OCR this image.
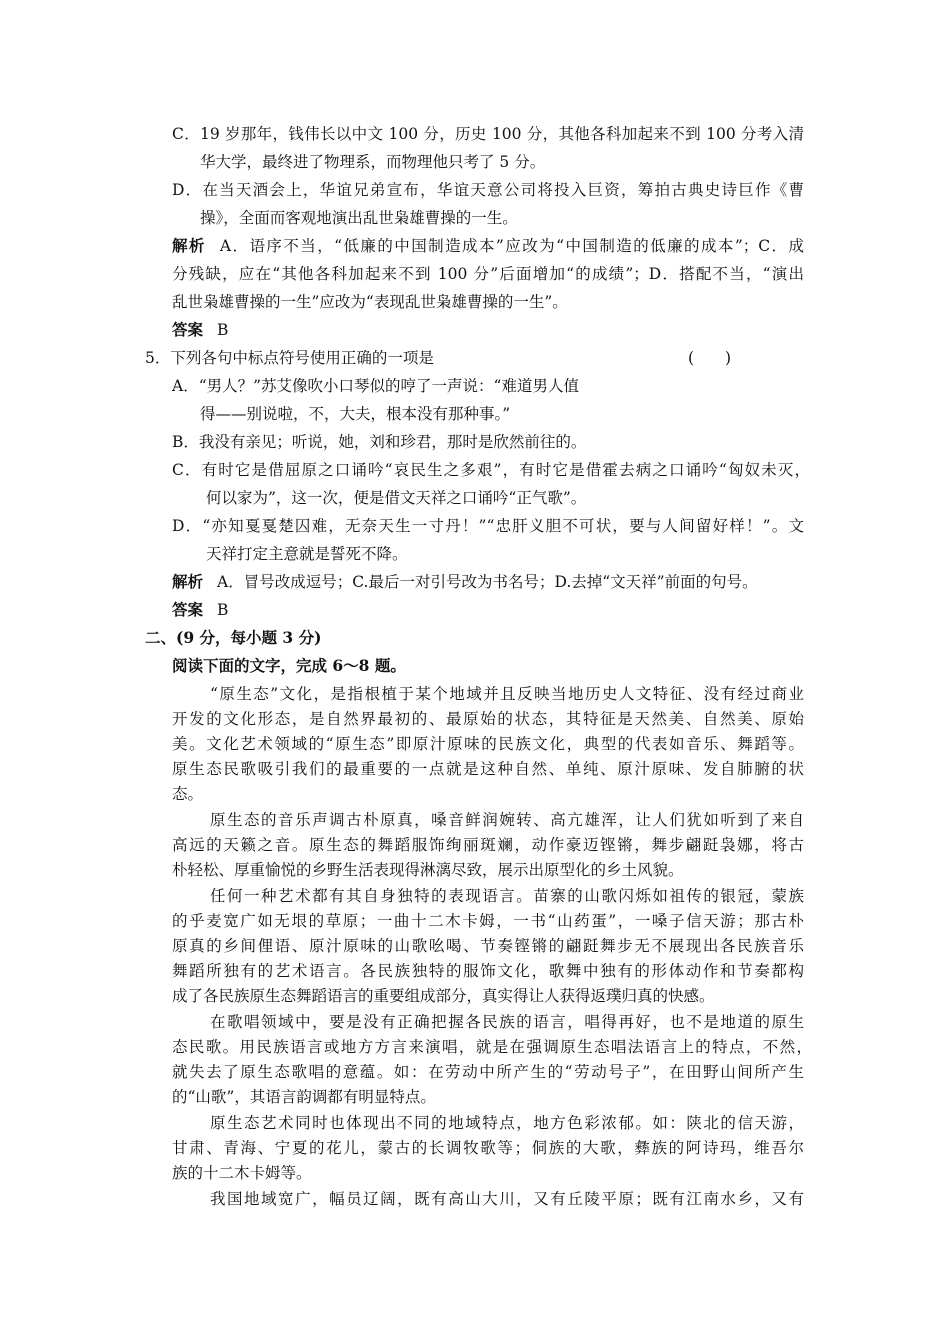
C．19 岁那年，钱伟长以中文 100 分，历史 100 分，其他各科加起来不到 100 分考入清
华大学，最终进了物理系，而物理他只考了 5 分。
D．在当天酒会上，华谊兄弟宣布，华谊天意公司将投入巨资，筹拍古典史诗巨作《曹
操》，全面而客观地演出乱世枭雄曹操的一生。
解析 A．语序不当，“低廉的中国制造成本”应改为“中国制造的低廉的成本”；C．成
分残缺，应在“其他各科加起来不到 100 分”后面增加“的成绩”；D．搭配不当，“演出
乱世枭雄曹操的一生”应改为“表现乱世枭雄曹操的一生”。
答案 B
5．下列各句中标点符号使用正确的一项是	(　　)
A．“男人？”苏艾像吹小口琴似的哼了一声说：“难道男人值
得——别说啦，不，大夫，根本没有那种事。”
B．我没有亲见；听说，她，刘和珍君，那时是欣然前往的。
C．有时它是借屈原之口诵吟“哀民生之多艰”，有时它是借霍去病之口诵吟“匈奴未灭，
何以家为”，这一次，便是借文天祥之口诵吟“正气歌”。
D．“亦知戛戛楚囚难，无奈天生一寸丹！”“忠肝义胆不可状，要与人间留好样！”。文
天祥打定主意就是誓死不降。
解析 A．冒号改成逗号；C.最后一对引号改为书名号；D.去掉“文天祥”前面的句号。
答案 B
二、(9 分，每小题 3 分)
阅读下面的文字，完成 6～8 题。
“原生态”文化，是指根植于某个地域并且反映当地历史人文特征、没有经过商业
开发的文化形态，是自然界最初的、最原始的状态，其特征是天然美、自然美、原始
美。文化艺术领域的“原生态”即原汁原味的民族文化，典型的代表如音乐、舞蹈等。
原生态民歌吸引我们的最重要的一点就是这种自然、单纯、原汁原味、发自肺腑的状
态。
原生态的音乐声调古朴原真，嗓音鲜润婉转、高亢雄浑，让人们犹如听到了来自
高远的天籁之音。原生态的舞蹈服饰绚丽斑斓，动作豪迈铿锵，舞步翩跹袅娜，将古
朴轻松、厚重愉悦的乡野生活表现得淋漓尽致，展示出原型化的乡土风貌。
任何一种艺术都有其自身独特的表现语言。苗寨的山歌闪烁如祖传的银冠，蒙族
的乎麦宽广如无垠的草原；一曲十二木卡姆，一书“山药蛋”，一嗓子信天游；那古朴
原真的乡间俚语、原汁原味的山歌吆喝、节奏铿锵的翩跹舞步无不展现出各民族音乐
舞蹈所独有的艺术语言。各民族独特的服饰文化，歌舞中独有的形体动作和节奏都构
成了各民族原生态舞蹈语言的重要组成部分，真实得让人获得返璞归真的快感。
在歌唱领域中，要是没有正确把握各民族的语言，唱得再好，也不是地道的原生
态民歌。用民族语言或地方方言来演唱，就是在强调原生态唱法语言上的特点，不然，
就失去了原生态歌唱的意蕴。如：在劳动中所产生的“劳动号子”，在田野山间所产生
的“山歌”，其语言韵调都有明显特点。
原生态艺术同时也体现出不同的地域特点，地方色彩浓郁。如：陕北的信天游，
甘肃、青海、宁夏的花儿，蒙古的长调牧歌等；侗族的大歌，彝族的阿诗玛，维吾尔
族的十二木卡姆等。
我国地域宽广，幅员辽阔，既有高山大川，又有丘陵平原；既有江南水乡，又有
